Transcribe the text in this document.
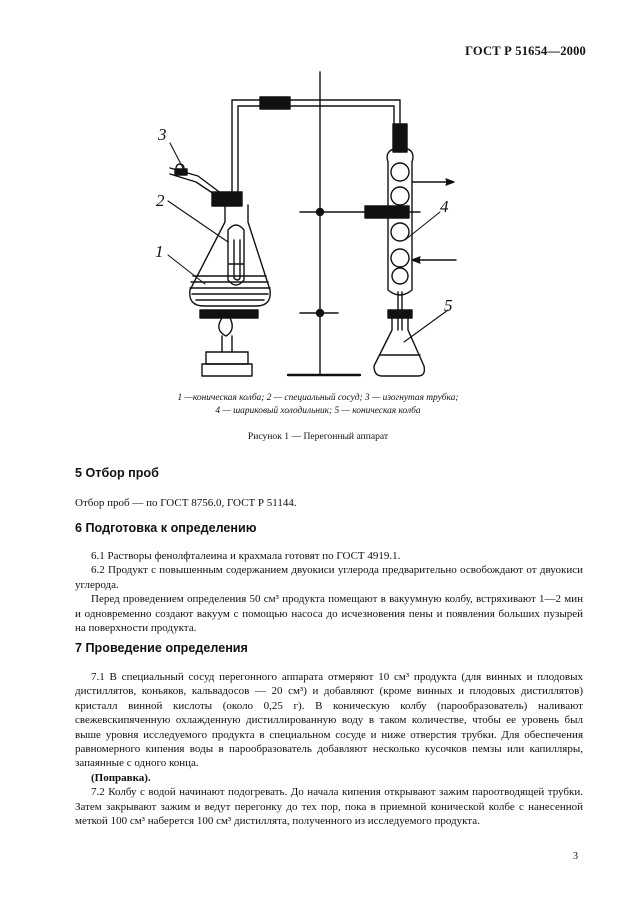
ГОСТ Р 51654—2000
3
2
1
4
5
1 —коническая колба; 2 — специальный сосуд; 3 — изогнутая трубка;
4 — шариковый холодильник; 5 — коническая колба
Рисунок 1 — Перегонный аппарат
5 Отбор проб

Отбор проб — по ГОСТ 8756.0, ГОСТ Р 51144.

6 Подготовка к определению

6.1 Растворы фенолфталеина и крахмала готовят по ГОСТ 4919.1.

6.2 Продукт с повышенным содержанием двуокиси углерода предварительно освобождают от двуокиси углерода.

Перед проведением определения 50 см³ продукта помещают в вакуумную колбу, встряхивают 1—2 мин и одновременно создают вакуум с помощью насоса до исчезновения пены и появления больших пузырей на поверхности продукта.

7 Проведение определения

7.1 В специальный сосуд перегонного аппарата отмеряют 10 см³ продукта (для винных и плодовых дистиллятов, коньяков, кальвадосов — 20 см³) и добавляют (кроме винных и плодовых дистиллятов) кристалл винной кислоты (около 0,25 г). В коническую колбу (парообразователь) наливают свежевскипяченную охлажденную дистиллированную воду в таком количестве, чтобы ее уровень был выше уровня исследуемого продукта в специальном сосуде и ниже отверстия трубки. Для обеспечения равномерного кипения воды в парообразователь добавляют несколько кусочков пемзы или капилляры, запаянные с одного конца.

(Поправка).

7.2 Колбу с водой начинают подогревать. До начала кипения открывают зажим пароотводящей трубки. Затем закрывают зажим и ведут перегонку до тех пор, пока в приемной конической колбе с нанесенной меткой 100 см³ наберется 100 см³ дистиллята, полученного из исследуемого продукта.

3
